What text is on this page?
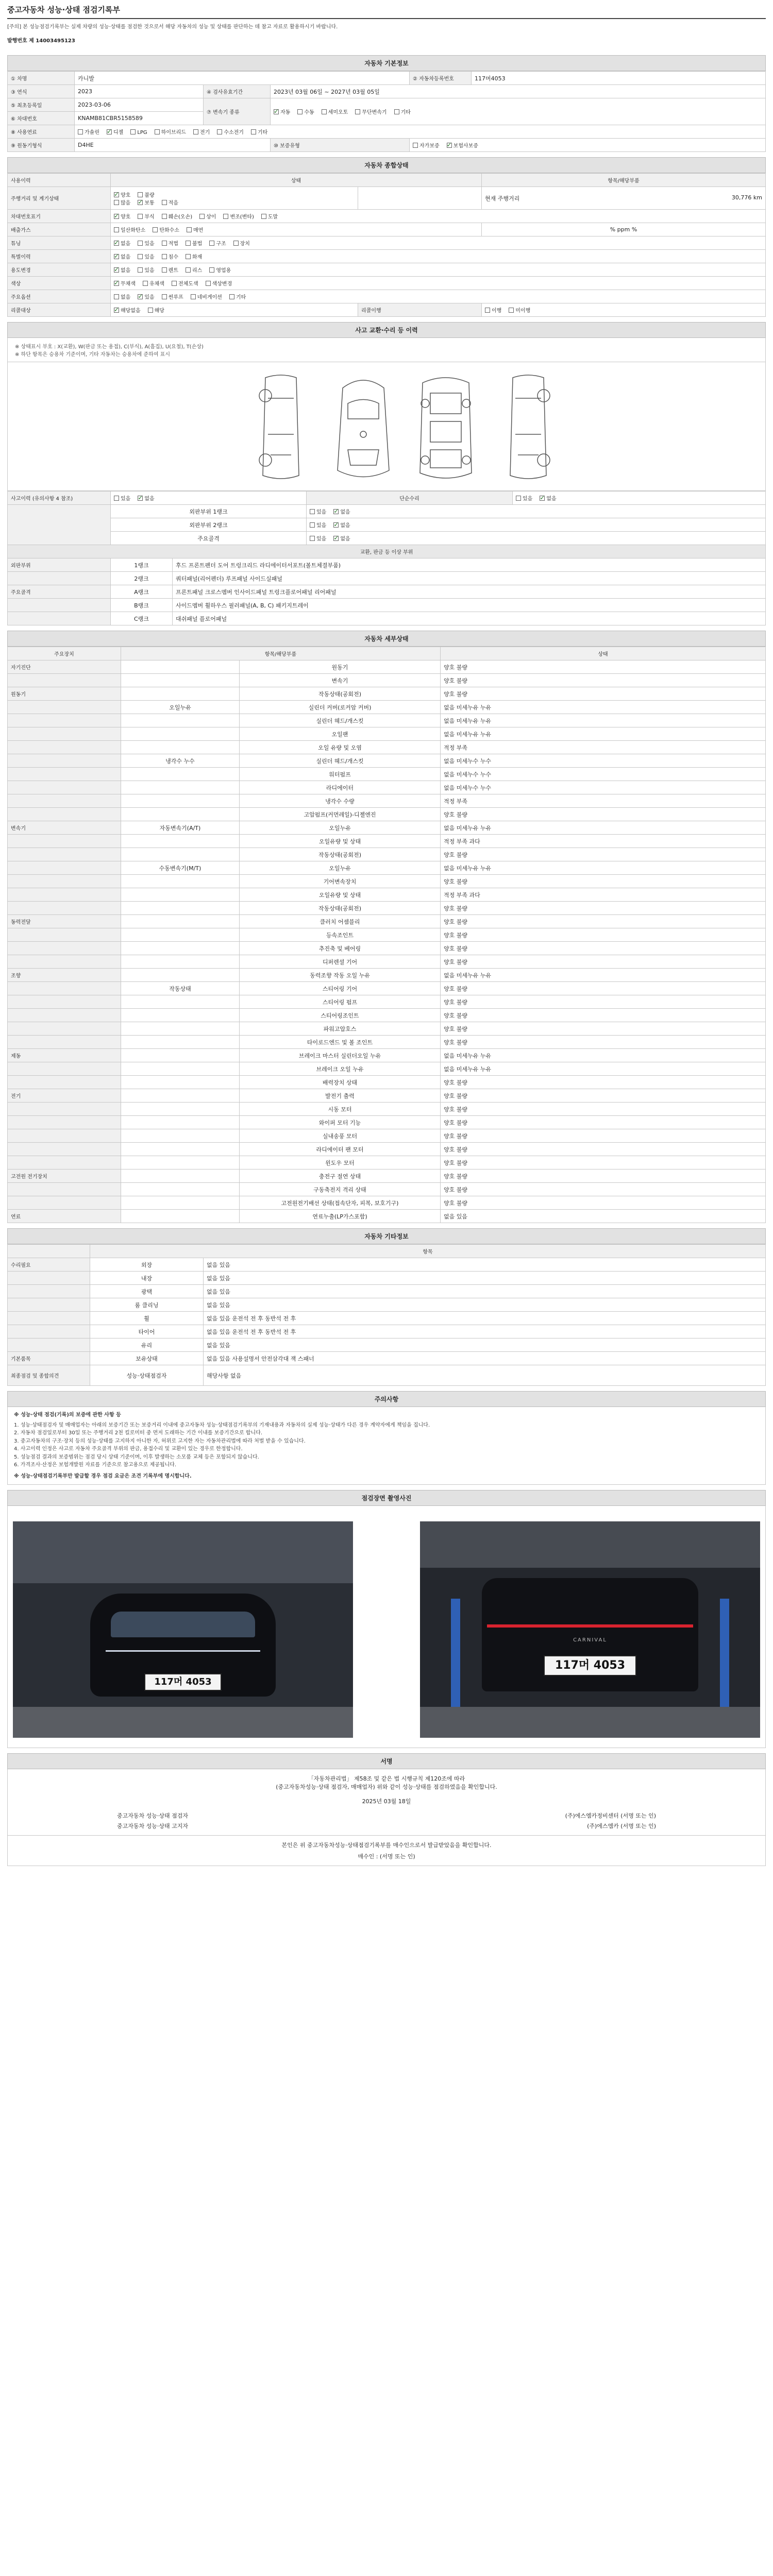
중고자동차 성능·상태 점검기록부
[주의] 본 성능점검기록부는 실제 차량의 성능·상태를 점검한 것으로서 해당 자동차의 성능 및 상태를 판단하는 데 참고 자료로 활용하시기 바랍니다.
발행번호 제 14003495123
자동차 기본정보
① 차명	카니발			② 자동차등록번호	117머4053
③ 연식	2023	④ 검사유효기간	2023년 03월 06일 ~ 2027년 03월 05일		
⑤ 최초등록일	2023-03-06	⑦ 변속기 종류	✓자동 수동 세미오토 무단변속기 기타
⑥ 차대번호	KNAMB81CBR5158589				
⑧ 사용연료	가솔린 ✓ 디젤 LPG 하이브리드 전기 수소전기 기타
⑨ 원동기형식	D4HE		⑩ 보증유형	자가보증 ✓ 보험사보증
자동차 종합상태
사용이력	상태		항목/해당부품
주행거리 및 계기상태	✓양호 불량
많음 ✓ 보통 적음		현재 주행거리 30,776 km

차대번호표기	✓양호 부식 훼손(오손) 상이 변조(변타) 도말
배출가스	일산화탄소 탄화수소 매연		% ppm %
튜닝	✓없음 있음 적법 불법 구조 장치
특별이력	✓없음 있음 침수 화재
용도변경	✓없음 있음 렌트 리스 영업용
색상	✓무채색 유채색 전체도색 색상변경
주요옵션	없음 ✓ 있음 썬루프 네비게이션 기타
리콜대상	✓해당없음 해당	리콜이행	이행 미이행
사고 교환·수리 등 이력
※ 상태표시 부호 : X(교환), W(판금 또는 용접), C(부식), A(흠집), U(요철), T(손상)
※ 하단 항목은 승용차 기준이며, 기타 자동차는 승용차에 준하여 표시
사고이력 (유의사항 4 참조)	있음 ✓ 없음		단순수리	있음 ✓ 없음
	외판부위 1랭크		있음 ✓ 없음
	외판부위 2랭크		있음 ✓ 없음
	주요골격		있음 ✓ 없음
교환, 판금 등 이상 부위				
외판부위	1랭크	후드 프론트펜더 도어 트렁크리드 라디에이터서포트(볼트체결부품)		
	2랭크	쿼터패널(리어펜더) 루프패널 사이드실패널		
주요골격	A랭크	프론트패널 크로스멤버 인사이드패널 트렁크플로어패널 리어패널		
	B랭크	사이드멤버 휠하우스 필러패널(A, B, C) 패키지트레이		
	C랭크	대쉬패널 플로어패널		
자동차 세부상태
주요장치	항목/해당부품		상태
자기진단		원동기	양호 불량
		변속기	양호 불량
원동기		작동상태(공회전)	양호 불량
	오일누유	실린더 커버(로커암 커버)	없음 미세누유 누유
		실린더 헤드/개스킷	없음 미세누유 누유
		오일팬	없음 미세누유 누유
		오일 유량 및 오염	적정 부족
	냉각수 누수	실린더 헤드/개스킷	없음 미세누수 누수
		워터펌프	없음 미세누수 누수
		라디에이터	없음 미세누수 누수
		냉각수 수량	적정 부족
		고압펌프(커먼레일)-디젤엔진	양호 불량
변속기	자동변속기(A/T)	오일누유	없음 미세누유 누유
		오일유량 및 상태	적정 부족 과다
		작동상태(공회전)	양호 불량
	수동변속기(M/T)	오일누유	없음 미세누유 누유
		기어변속장치	양호 불량
		오일유량 및 상태	적정 부족 과다
		작동상태(공회전)	양호 불량
동력전달		클러치 어셈블리	양호 불량
		등속조인트	양호 불량
		추진축 및 베어링	양호 불량
		디퍼렌셜 기어	양호 불량
조향		동력조향 작동 오일 누유	없음 미세누유 누유
	작동상태	스티어링 기어	양호 불량
		스티어링 펌프	양호 불량
		스티어링조인트	양호 불량
		파워고압호스	양호 불량
		타이로드엔드 및 볼 조인트	양호 불량
제동		브레이크 마스터 실린더오일 누유	없음 미세누유 누유
		브레이크 오일 누유	없음 미세누유 누유
		배력장치 상태	양호 불량
전기		발전기 출력	양호 불량
		시동 모터	양호 불량
		와이퍼 모터 기능	양호 불량
		실내송풍 모터	양호 불량
		라디에이터 팬 모터	양호 불량
		윈도우 모터	양호 불량
고전원 전기장치		충전구 절연 상태	양호 불량
		구동축전지 격리 상태	양호 불량
		고전원전기배선 상태(접속단자, 피복, 보호기구)	양호 불량
연료		연료누출(LP가스포함)	없음 있음
자동차 기타정보
	항목	
수리필요	외장	없음 있음
	내장	없음 있음
	광택	없음 있음
	룸 클리닝	없음 있음
	휠	없음 있음 운전석 전 후 동반석 전 후
	타이어	없음 있음 운전석 전 후 동반석 전 후
	유리	없음 있음
기본품목	보유상태	없음 있음 사용설명서 안전삼각대 잭 스패너
최종점검 및 종합의견	성능·상태점검자	해당사항 없음
주의사항
※ 성능·상태 점검(기록)의 보증에 관한 사항 등
1. 성능·상태점검자 및 매매업자는 아래의 보증기간 또는 보증거리 이내에 중고자동차 성능·상태점검기록부의 기재내용과 자동차의 실제 성능·상태가 다른 경우 계약자에게 책임을 집니다.
2. 자동차 점검일로부터 30일 또는 주행거리 2천 킬로미터 중 먼저 도래하는 기간 이내를 보증기간으로 합니다.
3. 중고자동차의 구조·장치 등의 성능·상태를 고지하지 아니한 자, 허위로 고지한 자는 자동차관리법에 따라 처벌 받을 수 있습니다.
4. 사고이력 인정은 사고로 자동차 주요골격 부위의 판금, 용접수리 및 교환이 있는 경우로 한정합니다.
5. 성능점검 결과의 보증범위는 점검 당시 상태 기준이며, 이후 발생하는 소모품 교체 등은 포함되지 않습니다.
6. 가격조사·산정은 보험개발원 자료를 기준으로 참고용으로 제공됩니다.
※ 성능·상태점검기록부만 발급할 경우 점검 요금은 조견 기록부에 명시합니다.
점검장면 촬영사진
117머 4053
CARNIVAL
117머 4053
서명
「자동차관리법」 제58조 및 같은 법 시행규칙 제120조에 따라
(중고자동차성능·상태 점검자, 매매업자) 위와 같이 성능·상태를 점검하였음을 확인합니다.
2025년 03월 18일
중고자동차 성능·상태 점검자	(주)에스엠카정비센터 (서명 또는 인)
중고자동차 성능·상태 고지자	(주)에스엠카 (서명 또는 인)
본인은 위 중고자동차성능·상태점검기록부를 매수인으로서 발급받았음을 확인합니다.
매수인 : (서명 또는 인)
